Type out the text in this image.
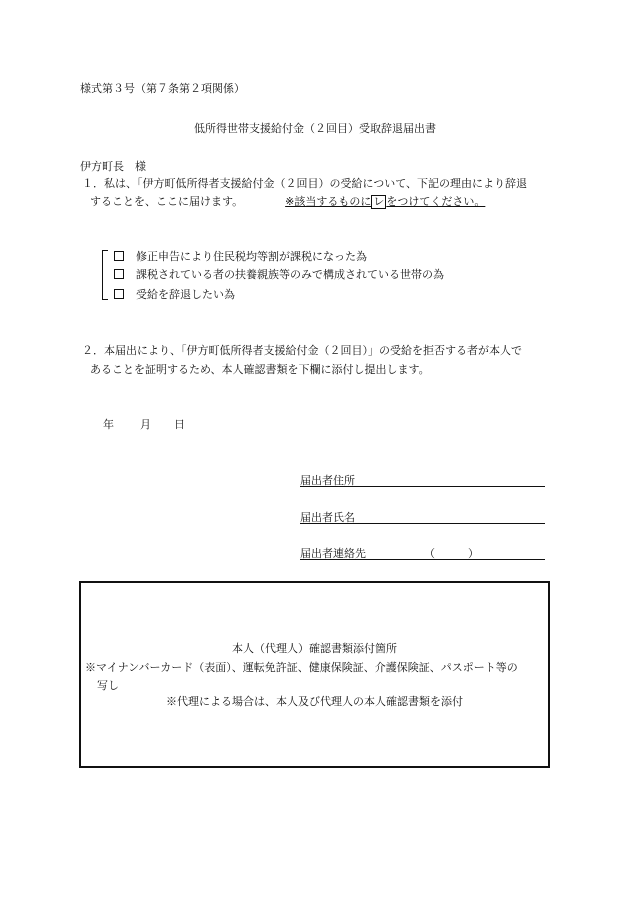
様式第３号（第７条第２項関係）
低所得世帯支援給付金（２回目）受取辞退届出書
伊方町長　様
１．私は、「伊方町低所得者支援給付金（２回目）の受給について、下記の理由により辞退
することを、ここに届けます。	※該当するものに レ をつけてください。
修正申告により住民税均等割が課税になった為
課税されている者の扶養親族等のみで構成されている世帯の為
受給を辞退したい為
２．本届出により、「伊方町低所得者支援給付金（２回目）」の受給を拒否する者が本人で
あることを証明するため、本人確認書類を下欄に添付し提出します。
年 月 日
届出者住所
届出者氏名
届出者連絡先	（　　　）
本人（代理人）確認書類添付箇所
※マイナンバーカード（表面）、運転免許証、健康保険証、介護保険証、パスポート等の
写し
※代理による場合は、本人及び代理人の本人確認書類を添付
